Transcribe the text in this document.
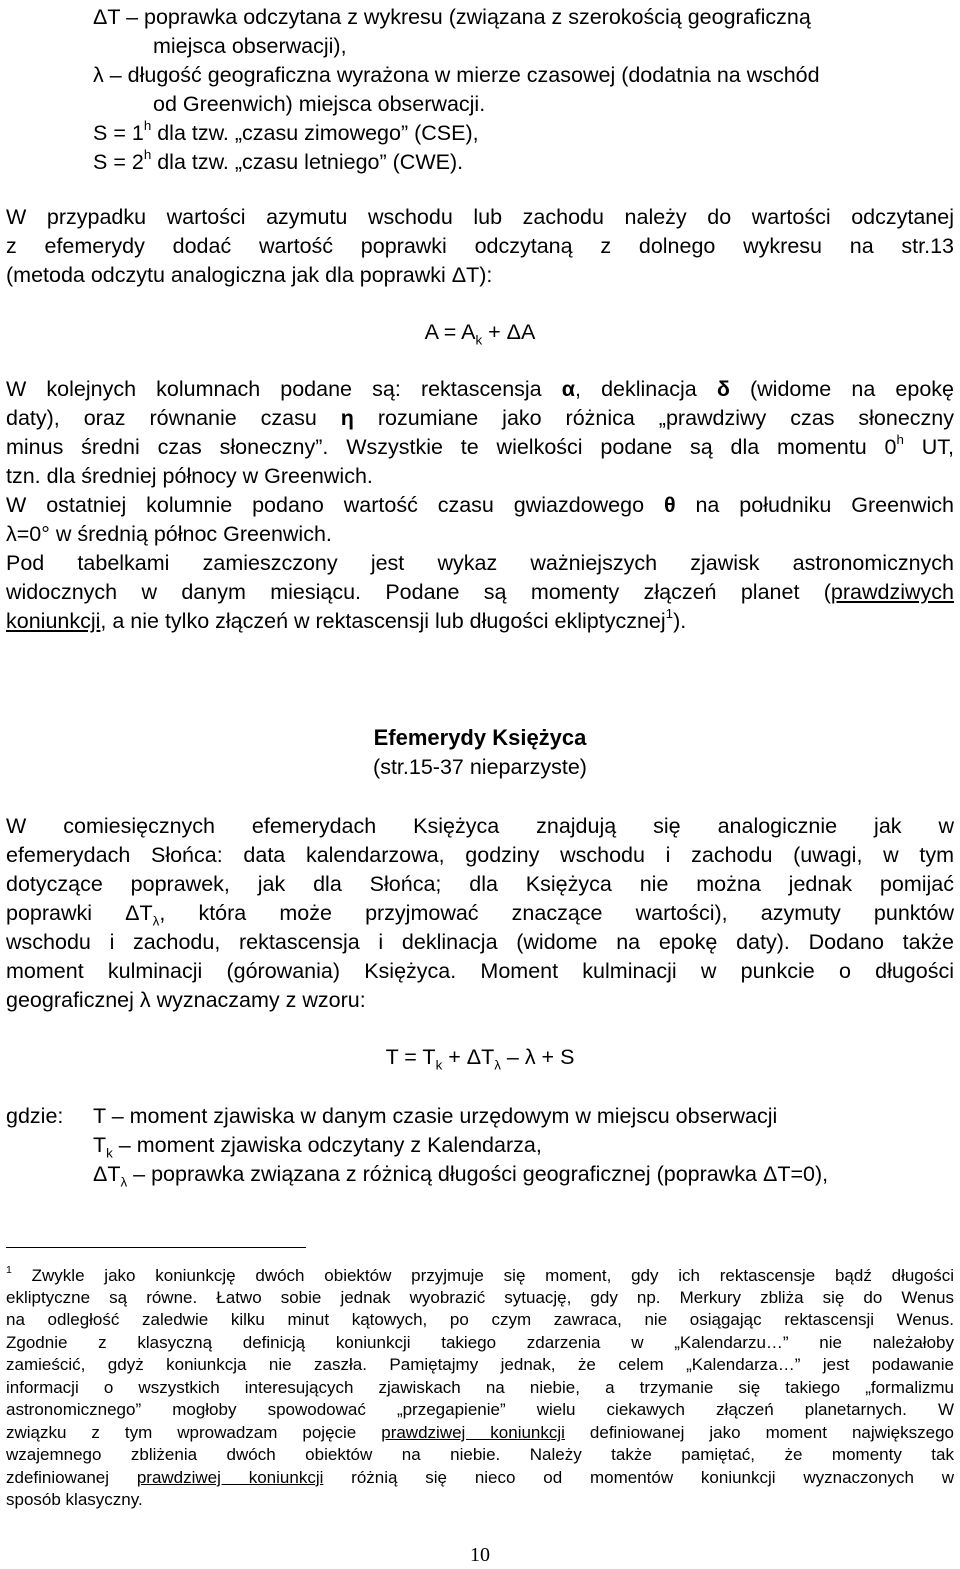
ΔT – poprawka odczytana z wykresu (związana z szerokością geograficzną
miejsca obserwacji),
λ – długość geograficzna wyrażona w mierze czasowej (dodatnia na wschód
od Greenwich) miejsca obserwacji.
$S = 1^h$ dla tzw. „czasu zimowego” (CSE),
$S = 2^h$ dla tzw. „czasu letniego” (CWE).
W przypadku wartości azymutu wschodu lub zachodu należy do wartości odczytanej
z efemerydy dodać wartość poprawki odczytaną z dolnego wykresu na str.13
(metoda odczytu analogiczna jak dla poprawki ΔT):
$A = A_k + \Delta A$
W kolejnych kolumnach podane są: rektascensja α, deklinacja δ (widome na epokę
daty), oraz równanie czasu η rozumiane jako różnica „prawdziwy czas słoneczny
minus średni czas słoneczny”. Wszystkie te wielkości podane są dla momentu 0$^h$ UT,
tzn. dla średniej północy w Greenwich.
W ostatniej kolumnie podano wartość czasu gwiazdowego θ na południku Greenwich
λ=0° w średnią północ Greenwich.
Pod tabelkami zamieszczony jest wykaz ważniejszych zjawisk astronomicznych
widocznych w danym miesiącu. Podane są momenty złączeń planet (prawdziwych
koniunkcji, a nie tylko złączeń w rektascensji lub długości ekliptycznej$^1$).
Efemerydy Księżyca
(str.15-37 nieparzyste)
W comiesięcznych efemerydach Księżyca znajdują się analogicznie jak w
efemerydach Słońca: data kalendarzowa, godziny wschodu i zachodu (uwagi, w tym
dotyczące poprawek, jak dla Słońca; dla Księżyca nie można jednak pomijać
poprawki $\Delta T_\lambda$, która może przyjmować znaczące wartości), azymuty punktów
wschodu i zachodu, rektascensja i deklinacja (widome na epokę daty). Dodano także
moment kulminacji (górowania) Księżyca. Moment kulminacji w punkcie o długości
geograficznej λ wyznaczamy z wzoru:
$T = T_k + \Delta T_\lambda - \lambda + S$
gdzie: T – moment zjawiska w danym czasie urzędowym w miejscu obserwacji
$T_k$ – moment zjawiska odczytany z Kalendarza,
$\Delta T_\lambda$ – poprawka związana z różnicą długości geograficznej (poprawka ΔT=0),
$^1$ Zwykle jako koniunkcję dwóch obiektów przyjmuje się moment, gdy ich rektascensje bądź długości
ekliptyczne są równe. Łatwo sobie jednak wyobrazić sytuację, gdy np. Merkury zbliża się do Wenus
na odległość zaledwie kilku minut kątowych, po czym zawraca, nie osiągając rektascensji Wenus.
Zgodnie z klasyczną definicją koniunkcji takiego zdarzenia w „Kalendarzu…” nie należałoby
zamieścić, gdyż koniunkcja nie zaszła. Pamiętajmy jednak, że celem „Kalendarza…” jest podawanie
informacji o wszystkich interesujących zjawiskach na niebie, a trzymanie się takiego „formalizmu
astronomicznego” mogłoby spowodować „przegapienie” wielu ciekawych złączeń planetarnych. W
związku z tym wprowadzam pojęcie prawdziwej koniunkcji definiowanej jako moment największego
wzajemnego zbliżenia dwóch obiektów na niebie. Należy także pamiętać, że momenty tak
zdefiniowanej prawdziwej koniunkcji różnią się nieco od momentów koniunkcji wyznaczonych w
sposób klasyczny.
10
